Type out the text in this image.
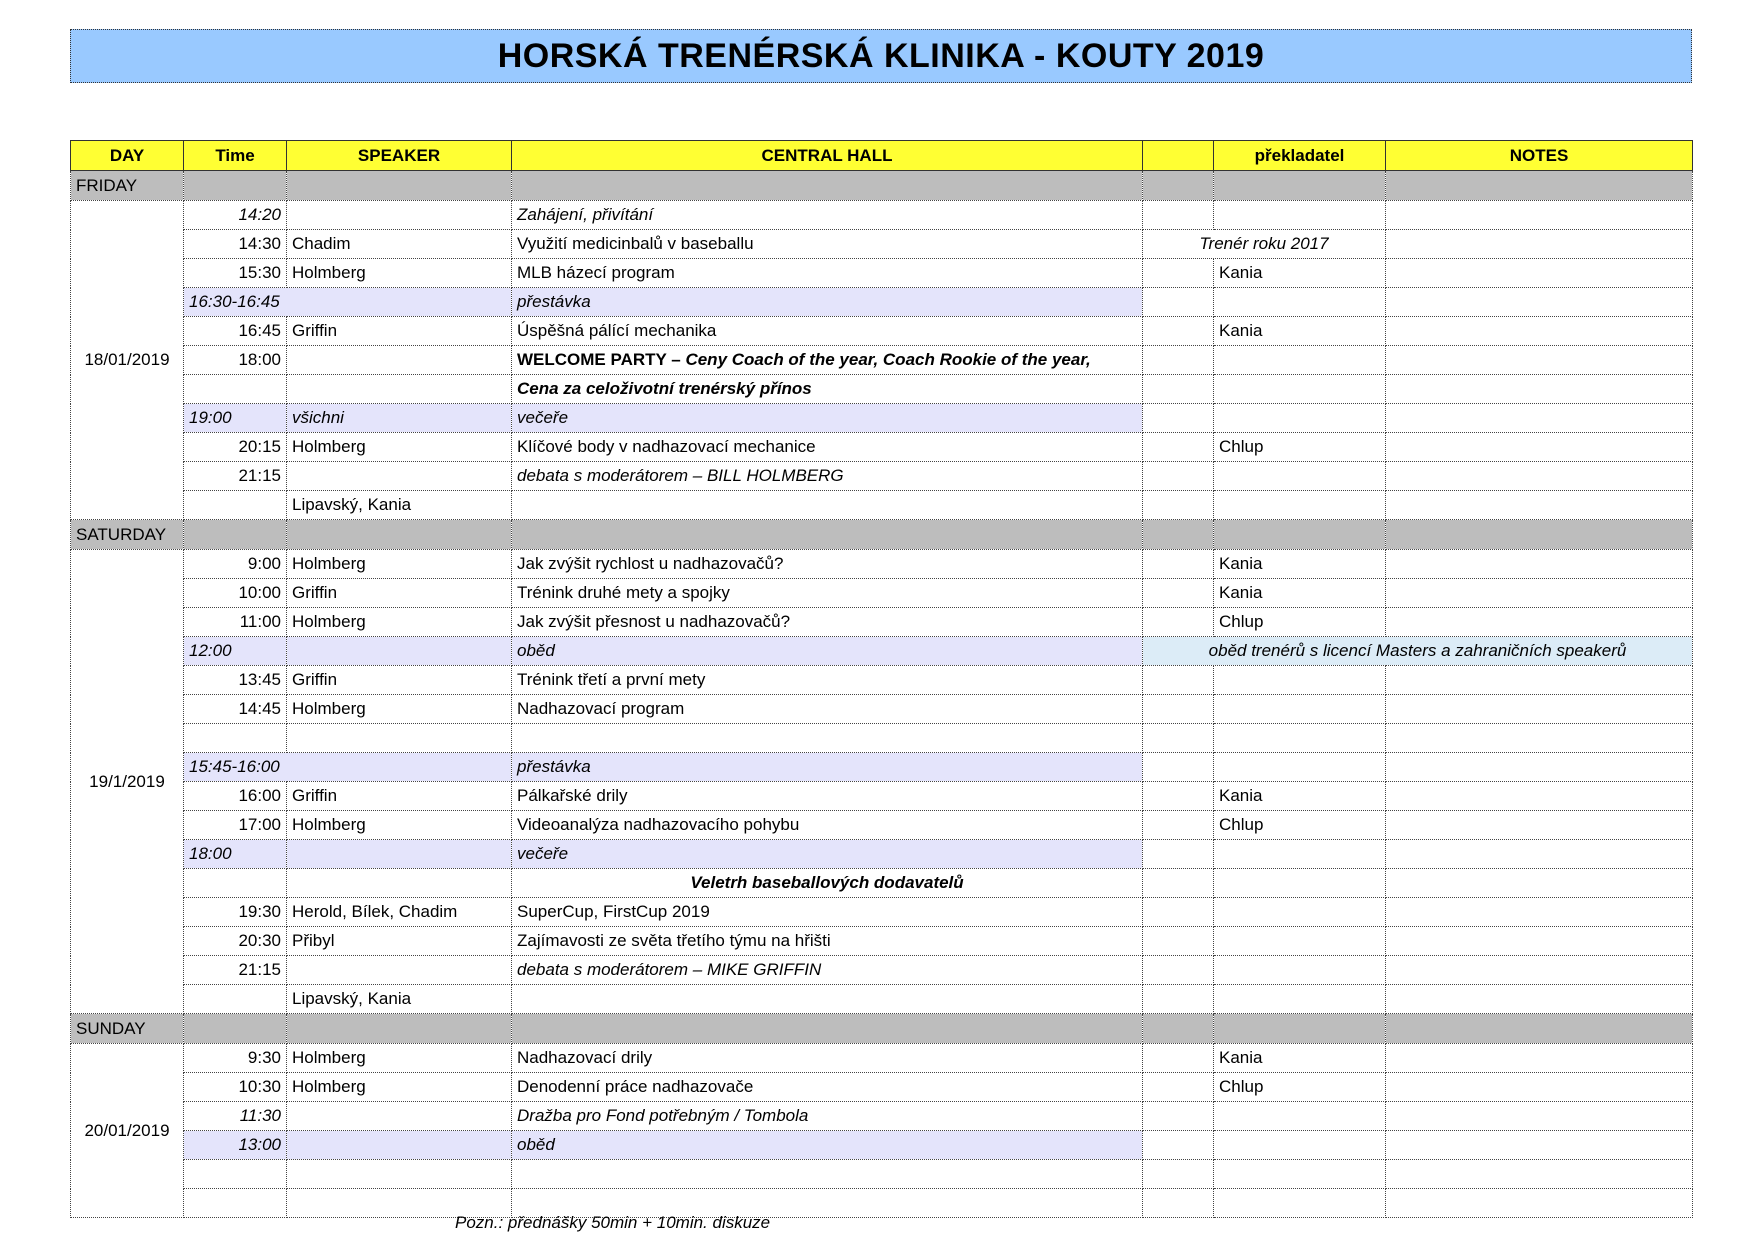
HORSKÁ TRENÉRSKÁ KLINIKA - KOUTY 2019
DAY	Time	SPEAKER	CENTRAL HALL		překladatel	NOTES
FRIDAY						
18/01/2019	14:20		Zahájení, přivítání			
	14:30	Chadim	Využití medicinbalů v baseballu	Trenér roku 2017		
	15:30	Holmberg	MLB házecí program		Kania	
	16:30-16:45		přestávka			
	16:45	Griffin	Úspěšná pálící mechanika		Kania	
	18:00		WELCOME PARTY – Ceny Coach of the year, Coach Rookie of the year,			
			Cena za celoživotní trenérský přínos			
	19:00	všichni	večeře			
	20:15	Holmberg	Klíčové body v nadhazovací mechanice		Chlup	
	21:15		debata s moderátorem – BILL HOLMBERG			
		Lipavský, Kania				
SATURDAY						
19/1/2019	9:00	Holmberg	Jak zvýšit rychlost u nadhazovačů?		Kania	
	10:00	Griffin	Trénink druhé mety a spojky		Kania	
	11:00	Holmberg	Jak zvýšit přesnost u nadhazovačů?		Chlup	
	12:00		oběd	oběd trenérů s licencí Masters a zahraničních speakerů		
	13:45	Griffin	Trénink třetí a první mety			
	14:45	Holmberg	Nadhazovací program			

	15:45-16:00		přestávka			
	16:00	Griffin	Pálkařské drily		Kania	
	17:00	Holmberg	Videoanalýza nadhazovacího pohybu		Chlup	
	18:00		večeře			
			Veletrh baseballových dodavatelů			
	19:30	Herold, Bílek, Chadim	SuperCup, FirstCup 2019			
	20:30	Přibyl	Zajímavosti ze světa třetího týmu na hřišti			
	21:15		debata s moderátorem – MIKE GRIFFIN			
		Lipavský, Kania				
SUNDAY						
20/01/2019	9:30	Holmberg	Nadhazovací drily		Kania	
	10:30	Holmberg	Denodenní práce nadhazovače		Chlup	
	11:30		Dražba pro Fond potřebným / Tombola			
	13:00		oběd			

Pozn.: přednášky 50min + 10min. diskuze
